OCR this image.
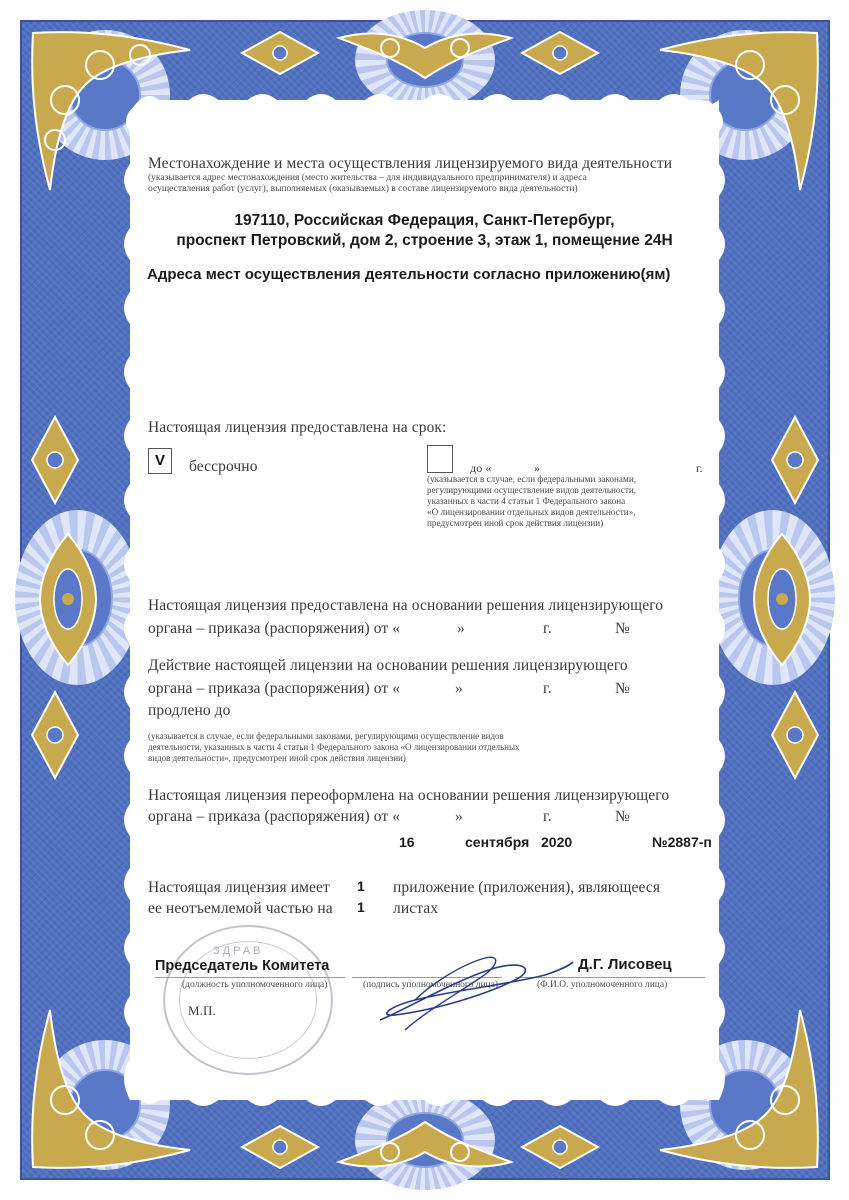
Местонахождение и места осуществления лицензируемого вида деятельности
(указывается адрес местонахождения (место жительства – для индивидуального предпринимателя) и адреса
осуществления работ (услуг), выполняемых (оказываемых) в составе лицензируемого вида деятельности)
197110, Российская Федерация, Санкт-Петербург,
проспект Петровский, дом 2, строение 3, этаж 1, помещение 24Н
Адреса мест осуществления деятельности согласно приложению(ям)
Настоящая лицензия предоставлена на срок:
V	бессрочно	до «	»	г.
(указывается в случае, если федеральными законами,
регулирующими осуществление видов деятельности,
указанных в части 4 статьи 1 Федерального закона
«О лицензировании отдельных видов деятельности»,
предусмотрен иной срок действия лицензии)
Настоящая лицензия предоставлена на основании решения лицензирующего
органа – приказа (распоряжения) от «	»	г.	№
Действие настоящей лицензии на основании решения лицензирующего
органа – приказа (распоряжения) от «	»	г.	№
продлено до
(указывается в случае, если федеральными законами, регулирующими осуществление видов
деятельности, указанных в части 4 статьи 1 Федерального закона «О лицензировании отдельных
видов деятельности», предусмотрен иной срок действия лицензии)
Настоящая лицензия переоформлена на основании решения лицензирующего
органа – приказа (распоряжения) от «	»	г.	№
16	сентября 2020	№2887-п
Настоящая лицензия имеет 1 приложение (приложения), являющееся
ее неотъемлемой частью на 1 листах
ЗДРАВ
Председатель Комитета
(должность уполномоченного лица)	(подпись уполномоченного лица)
Д.Г. Лисовец
(Ф.И.О. уполномоченного лица)
М.П.
